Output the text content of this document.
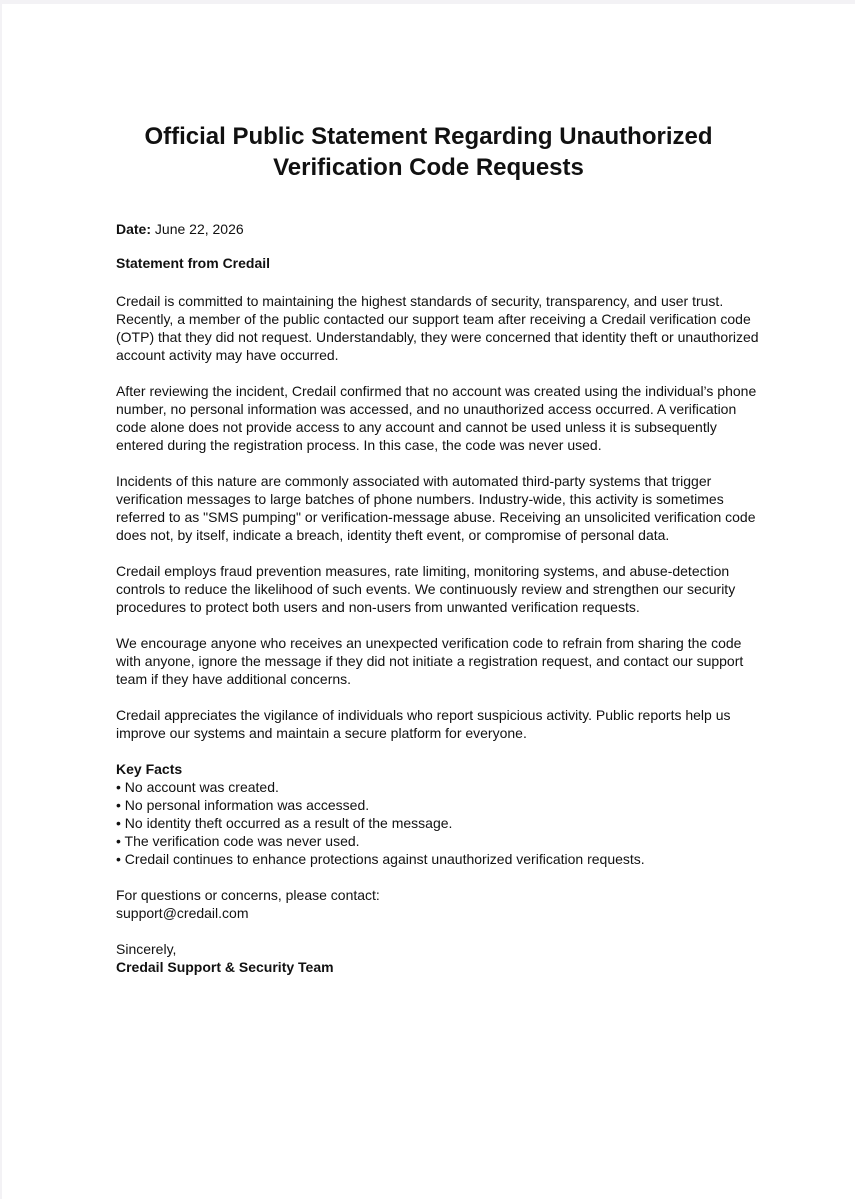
Official Public Statement Regarding Unauthorized
Verification Code Requests

Date: June 22, 2026

Statement from Credail

Credail is committed to maintaining the highest standards of security, transparency, and user trust. Recently, a member of the public contacted our support team after receiving a Credail verification code (OTP) that they did not request. Understandably, they were concerned that identity theft or unauthorized account activity may have occurred.

After reviewing the incident, Credail confirmed that no account was created using the individual’s phone number, no personal information was accessed, and no unauthorized access occurred. A verification code alone does not provide access to any account and cannot be used unless it is subsequently entered during the registration process. In this case, the code was never used.

Incidents of this nature are commonly associated with automated third-party systems that trigger verification messages to large batches of phone numbers. Industry-wide, this activity is sometimes referred to as "SMS pumping" or verification-message abuse. Receiving an unsolicited verification code does not, by itself, indicate a breach, identity theft event, or compromise of personal data.

Credail employs fraud prevention measures, rate limiting, monitoring systems, and abuse-detection controls to reduce the likelihood of such events. We continuously review and strengthen our security procedures to protect both users and non-users from unwanted verification requests.

We encourage anyone who receives an unexpected verification code to refrain from sharing the code with anyone, ignore the message if they did not initiate a registration request, and contact our support team if they have additional concerns.

Credail appreciates the vigilance of individuals who report suspicious activity. Public reports help us improve our systems and maintain a secure platform for everyone.

Key Facts

• No account was created.
• No personal information was accessed.
• No identity theft occurred as a result of the message.
• The verification code was never used.
• Credail continues to enhance protections against unauthorized verification requests.
For questions or concerns, please contact:
support@credail.com
Sincerely,
Credail Support & Security Team
